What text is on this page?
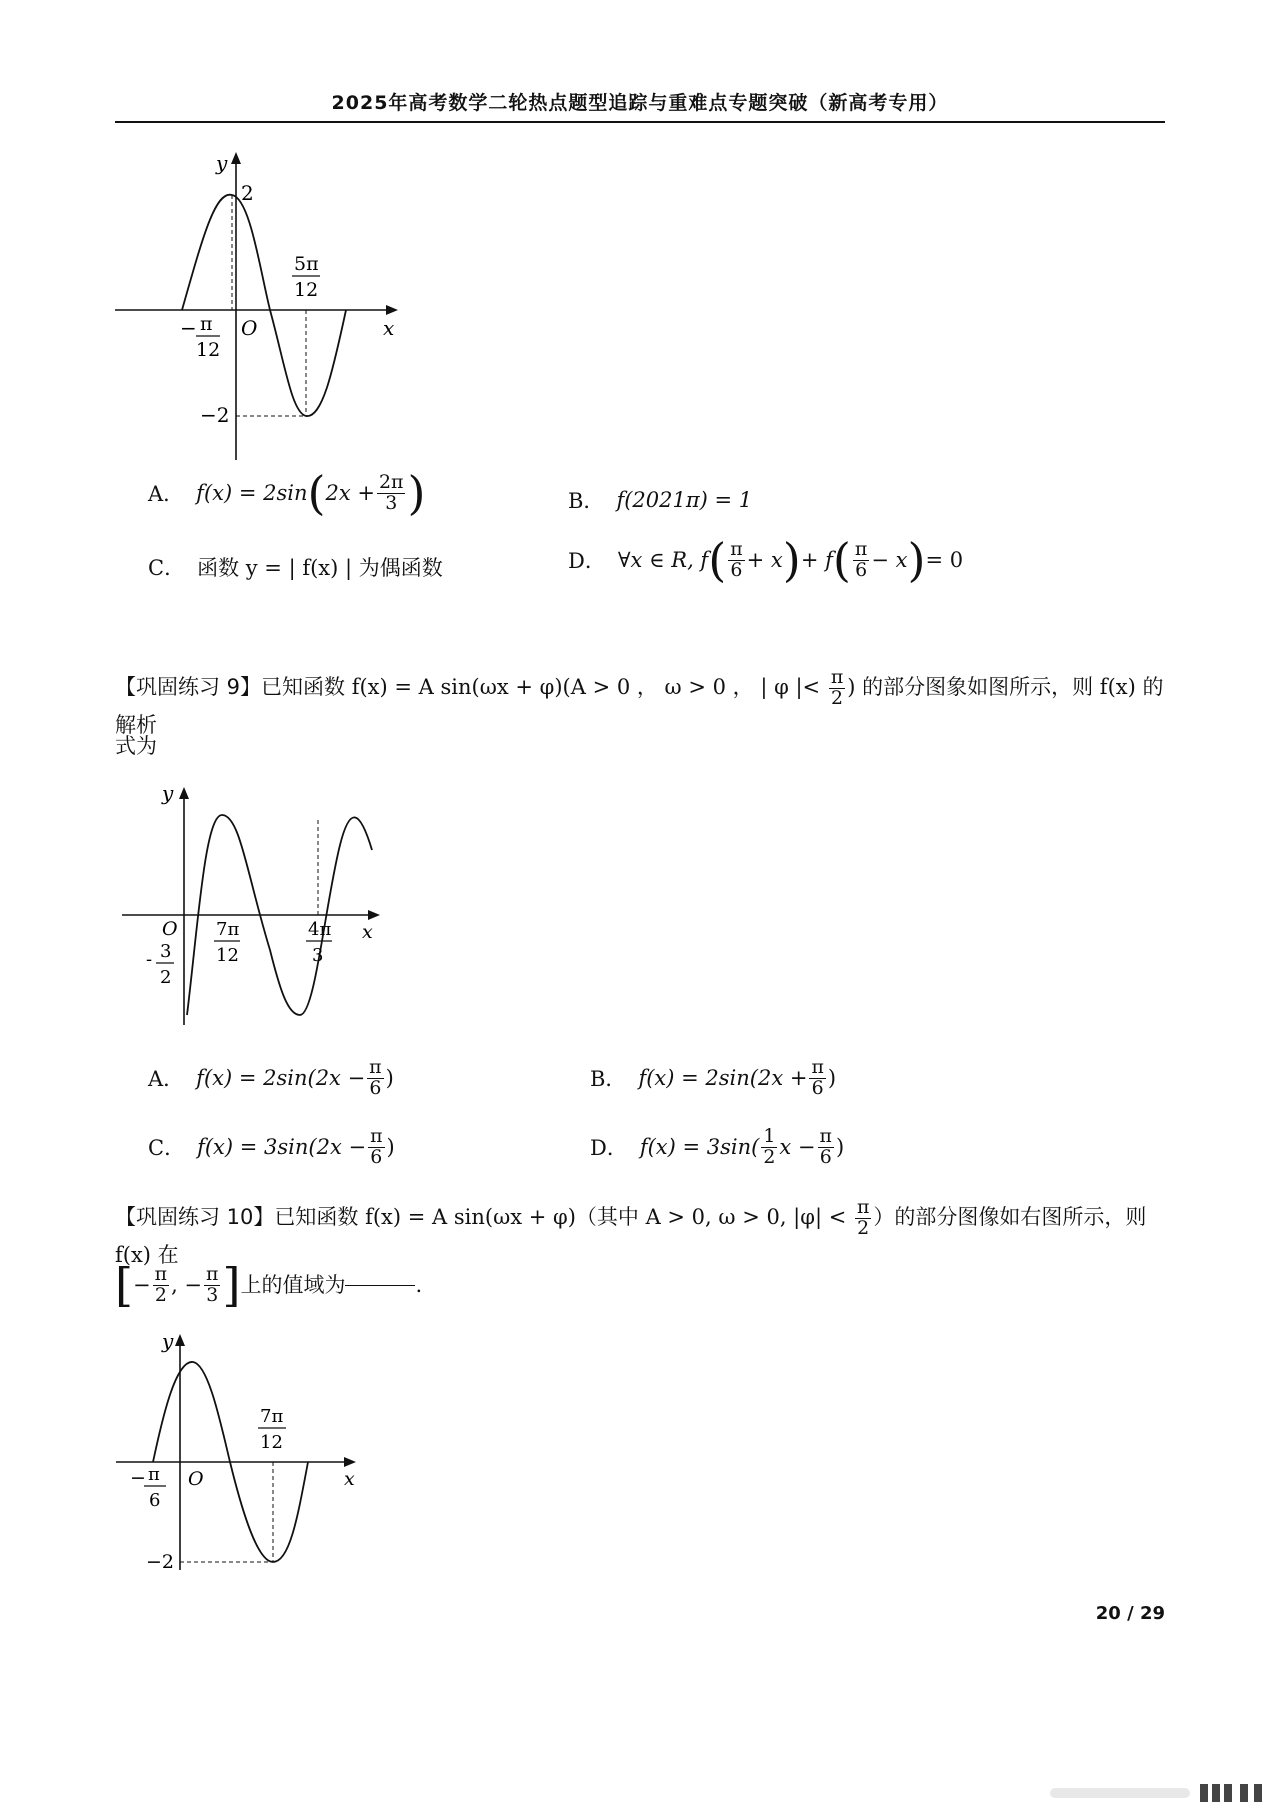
2025年高考数学二轮热点题型追踪与重难点专题突破（新高考专用）
y
2
−2
x
O
− π
12
5π
12
A． f(x) = 2sin ( $2x + \frac{2\pi}{3}$ )	B． f(2021π) = 1
C． 函数 y = | f(x) | 为偶函数	D． ∀x ∈ R, f ( $\frac{\pi}{6} + x$ ) + f ( $\frac{\pi}{6} - x$ ) = 0
【巩固练习 9】已知函数 f(x) = A sin(ωx + φ)(A > 0 ， ω > 0 ， | φ |< $\frac{\pi}{2}$ ) 的部分图象如图所示，则 f(x) 的解析
式为
y
x
O 7π
12
4π
3
- 3
2
A． $f(x) = 2\sin(2x - \frac{\pi}{6}$ )	B． $f(x) = 2\sin(2x + \frac{\pi}{6}$ )
C． $f(x) = 3\sin(2x - \frac{\pi}{6}$ )	D． $f(x) = 3\sin( \frac{1}{2}$ $x - \frac{\pi}{6}$ )
【巩固练习 10】已知函数 f(x) = A sin(ωx + φ)（其中 A > 0, ω > 0, $|\varphi| < \frac{\pi}{2}$ ）的部分图像如右图所示，则 f(x) 在
[ − $\frac{\pi}{2}$ , − $\frac{\pi}{3}$ ] 上的值域为	.
y
x
O
− π
6
7π
12
−2
20 / 29
